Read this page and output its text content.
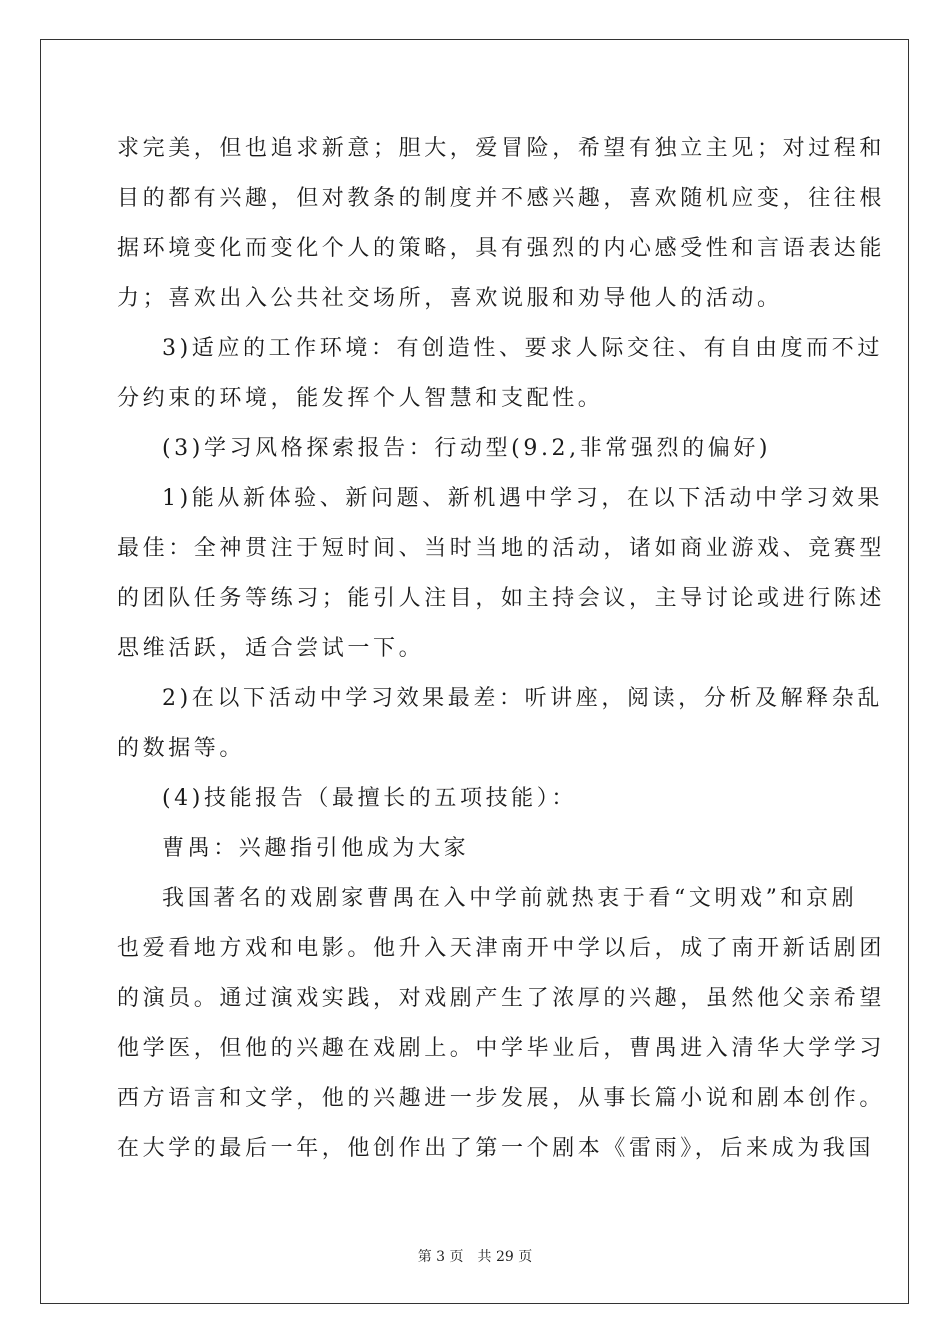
求完美，但也追求新意；胆大，爱冒险，希望有独立主见；对过程和
目的都有兴趣，但对教条的制度并不感兴趣，喜欢随机应变，往往根
据环境变化而变化个人的策略，具有强烈的内心感受性和言语表达能
力；喜欢出入公共社交场所，喜欢说服和劝导他人的活动。
3)适应的工作环境：有创造性、要求人际交往、有自由度而不过
分约束的环境，能发挥个人智慧和支配性。
(3)学习风格探索报告：行动型(9.2,非常强烈的偏好)
1)能从新体验、新问题、新机遇中学习，在以下活动中学习效果
最佳：全神贯注于短时间、当时当地的活动，诸如商业游戏、竞赛型
的团队任务等练习；能引人注目，如主持会议，主导讨论或进行陈述
思维活跃，适合尝试一下。
2)在以下活动中学习效果最差：听讲座，阅读，分析及解释杂乱
的数据等。
(4)技能报告（最擅长的五项技能）：
曹禺：兴趣指引他成为大家
我国著名的戏剧家曹禺在入中学前就热衷于看“文明戏”和京剧
也爱看地方戏和电影。他升入天津南开中学以后，成了南开新话剧团
的演员。通过演戏实践，对戏剧产生了浓厚的兴趣，虽然他父亲希望
他学医，但他的兴趣在戏剧上。中学毕业后，曹禺进入清华大学学习
西方语言和文学，他的兴趣进一步发展，从事长篇小说和剧本创作。
在大学的最后一年，他创作出了第一个剧本《雷雨》，后来成为我国
第 3 页 共 29 页
